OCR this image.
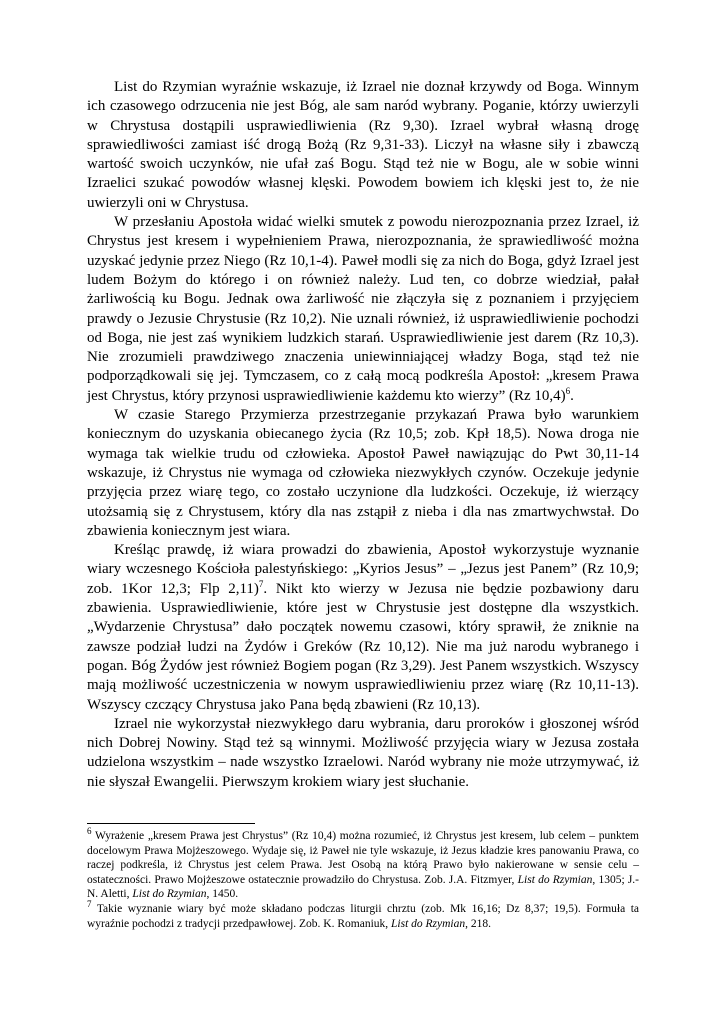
List do Rzymian wyraźnie wskazuje, iż Izrael nie doznał krzywdy od Boga. Winnym ich czasowego odrzucenia nie jest Bóg, ale sam naród wybrany. Poganie, którzy uwierzyli w Chrystusa dostąpili usprawiedliwienia (Rz 9,30). Izrael wybrał własną drogę sprawiedliwości zamiast iść drogą Bożą (Rz 9,31-33). Liczył na własne siły i zbawczą wartość swoich uczynków, nie ufał zaś Bogu. Stąd też nie w Bogu, ale w sobie winni Izraelici szukać powodów własnej klęski. Powodem bowiem ich klęski jest to, że nie uwierzyli oni w Chrystusa.

W przesłaniu Apostoła widać wielki smutek z powodu nierozpoznania przez Izrael, iż Chrystus jest kresem i wypełnieniem Prawa, nierozpoznania, że sprawiedliwość można uzyskać jedynie przez Niego (Rz 10,1-4). Paweł modli się za nich do Boga, gdyż Izrael jest ludem Bożym do którego i on również należy. Lud ten, co dobrze wiedział, pałał żarliwością ku Bogu. Jednak owa żarliwość nie złączyła się z poznaniem i przyjęciem prawdy o Jezusie Chrystusie (Rz 10,2). Nie uznali również, iż usprawiedliwienie pochodzi od Boga, nie jest zaś wynikiem ludzkich starań. Usprawiedliwienie jest darem (Rz 10,3). Nie zrozumieli prawdziwego znaczenia uniewinniającej władzy Boga, stąd też nie podporządkowali się jej. Tymczasem, co z całą mocą podkreśla Apostoł: „kresem Prawa jest Chrystus, który przynosi usprawiedliwienie każdemu kto wierzy” (Rz 10,4)$^6$.

W czasie Starego Przymierza przestrzeganie przykazań Prawa było warunkiem koniecznym do uzyskania obiecanego życia (Rz 10,5; zob. Kpł 18,5). Nowa droga nie wymaga tak wielkie trudu od człowieka. Apostoł Paweł nawiązując do Pwt 30,11-14 wskazuje, iż Chrystus nie wymaga od człowieka niezwykłych czynów. Oczekuje jedynie przyjęcia przez wiarę tego, co zostało uczynione dla ludzkości. Oczekuje, iż wierzący utożsamią się z Chrystusem, który dla nas zstąpił z nieba i dla nas zmartwychwstał. Do zbawienia koniecznym jest wiara.

Kreśląc prawdę, iż wiara prowadzi do zbawienia, Apostoł wykorzystuje wyznanie wiary wczesnego Kościoła palestyńskiego: „Kyrios Jesus” – „Jezus jest Panem” (Rz 10,9; zob. 1Kor 12,3; Flp 2,11)$^7$. Nikt kto wierzy w Jezusa nie będzie pozbawiony daru zbawienia. Usprawiedliwienie, które jest w Chrystusie jest dostępne dla wszystkich. „Wydarzenie Chrystusa” dało początek nowemu czasowi, który sprawił, że zniknie na zawsze podział ludzi na Żydów i Greków (Rz 10,12). Nie ma już narodu wybranego i pogan. Bóg Żydów jest również Bogiem pogan (Rz 3,29). Jest Panem wszystkich. Wszyscy mają możliwość uczestniczenia w nowym usprawiedliwieniu przez wiarę (Rz 10,11-13). Wszyscy czczący Chrystusa jako Pana będą zbawieni (Rz 10,13).

Izrael nie wykorzystał niezwykłego daru wybrania, daru proroków i głoszonej wśród nich Dobrej Nowiny. Stąd też są winnymi. Możliwość przyjęcia wiary w Jezusa została udzielona wszystkim – nade wszystko Izraelowi. Naród wybrany nie może utrzymywać, iż nie słyszał Ewangelii. Pierwszym krokiem wiary jest słuchanie.

$^6$ Wyrażenie „kresem Prawa jest Chrystus” (Rz 10,4) można rozumieć, iż Chrystus jest kresem, lub celem – punktem docelowym Prawa Mojżeszowego. Wydaje się, iż Paweł nie tyle wskazuje, iż Jezus kładzie kres panowaniu Prawa, co raczej podkreśla, iż Chrystus jest celem Prawa. Jest Osobą na którą Prawo było nakierowane w sensie celu – ostateczności. Prawo Mojżeszowe ostatecznie prowadziło do Chrystusa. Zob. J.A. Fitzmyer, List do Rzymian, 1305; J.-N. Aletti, List do Rzymian, 1450.

$^7$ Takie wyznanie wiary być może składano podczas liturgii chrztu (zob. Mk 16,16; Dz 8,37; 19,5). Formuła ta wyraźnie pochodzi z tradycji przedpawłowej. Zob. K. Romaniuk, List do Rzymian, 218.
